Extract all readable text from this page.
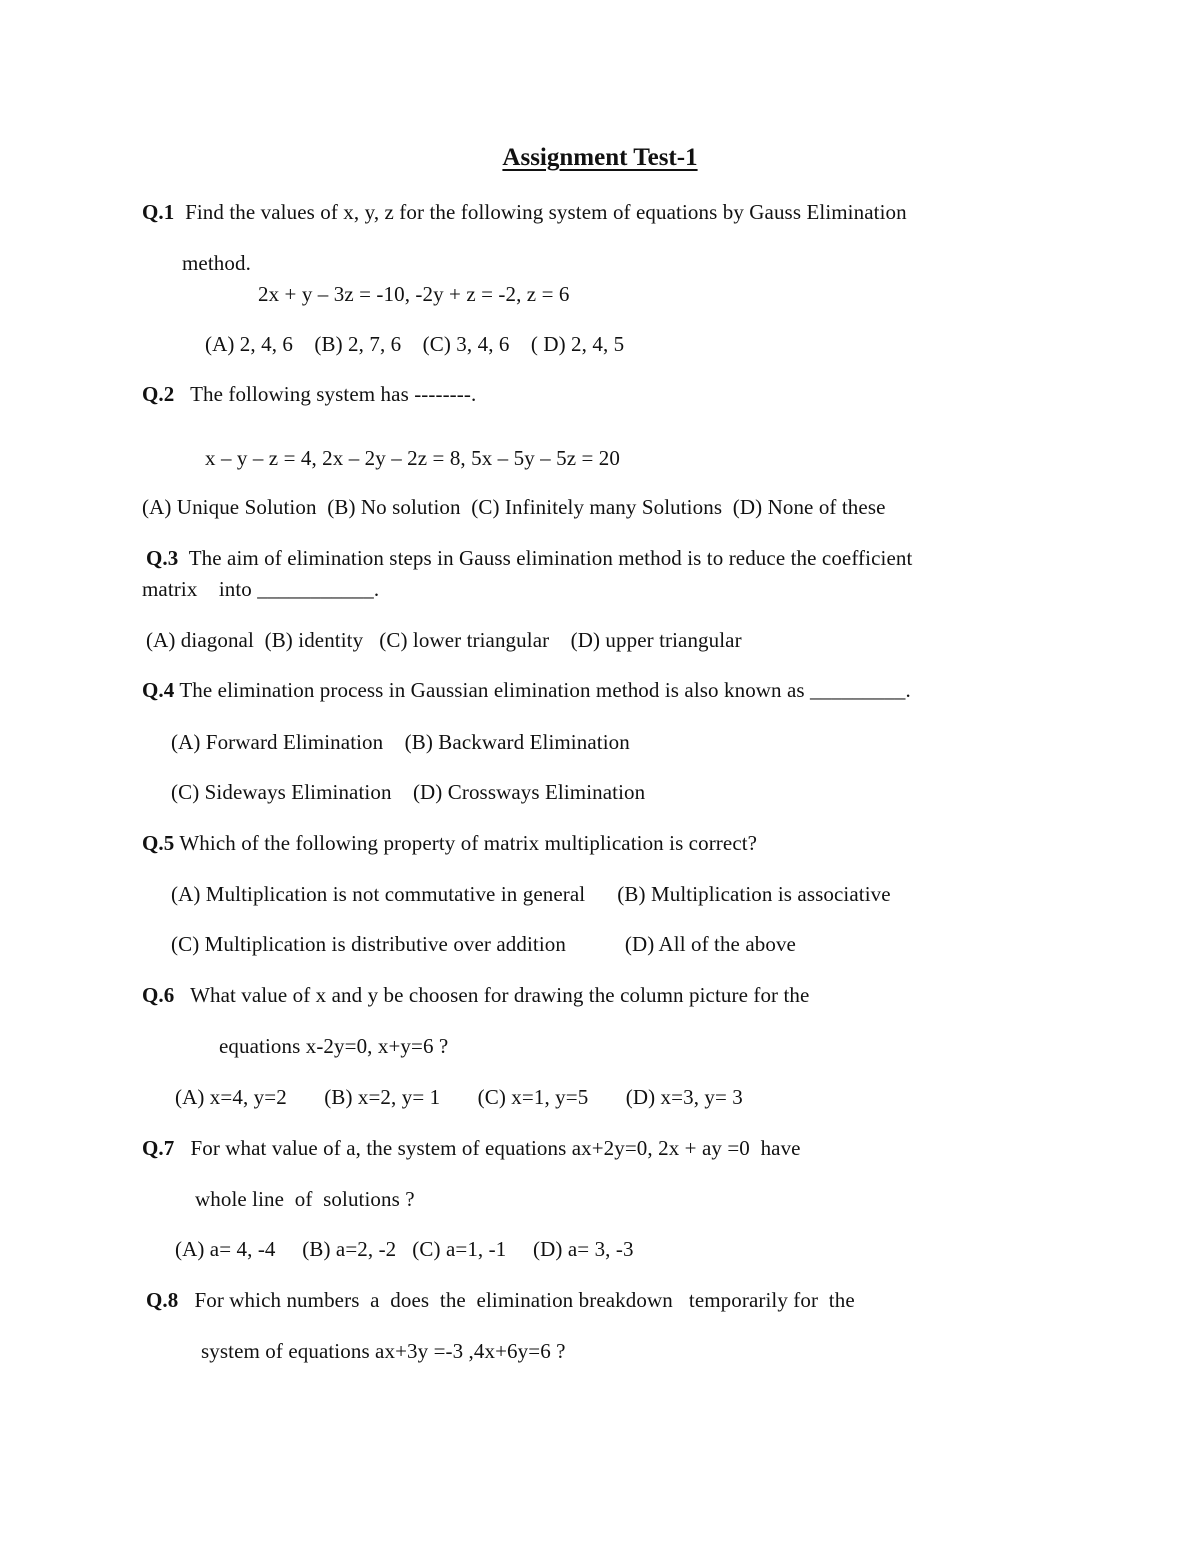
Assignment Test-1
Q.1 Find the values of x, y, z for the following system of equations by Gauss Elimination
method.
2x + y – 3z = -10, -2y + z = -2, z = 6
(A) 2, 4, 6    (B) 2, 7, 6    (C) 3, 4, 6    ( D) 2, 4, 5
Q.2 The following system has --------.
x – y – z = 4, 2x – 2y – 2z = 8, 5x – 5y – 5z = 20
(A) Unique Solution  (B) No solution  (C) Infinitely many Solutions  (D) None of these
Q.3 The aim of elimination steps in Gauss elimination method is to reduce the coefficient
matrix    into ___________.
(A) diagonal  (B) identity   (C) lower triangular    (D) upper triangular
Q.4 The elimination process in Gaussian elimination method is also known as _________.
(A) Forward Elimination    (B) Backward Elimination
(C) Sideways Elimination    (D) Crossways Elimination
Q.5 Which of the following property of matrix multiplication is correct?
(A) Multiplication is not commutative in general      (B) Multiplication is associative
(C) Multiplication is distributive over addition           (D) All of the above
Q.6 What value of x and y be choosen for drawing the column picture for the
equations x-2y=0, x+y=6 ?
(A) x=4, y=2       (B) x=2, y= 1       (C) x=1, y=5       (D) x=3, y= 3
Q.7 For what value of a, the system of equations ax+2y=0, 2x + ay =0  have
whole line  of  solutions ?
(A) a= 4, -4     (B) a=2, -2   (C) a=1, -1     (D) a= 3, -3
Q.8 For which numbers  a  does  the  elimination breakdown   temporarily for  the
system of equations ax+3y =-3 ,4x+6y=6 ?
